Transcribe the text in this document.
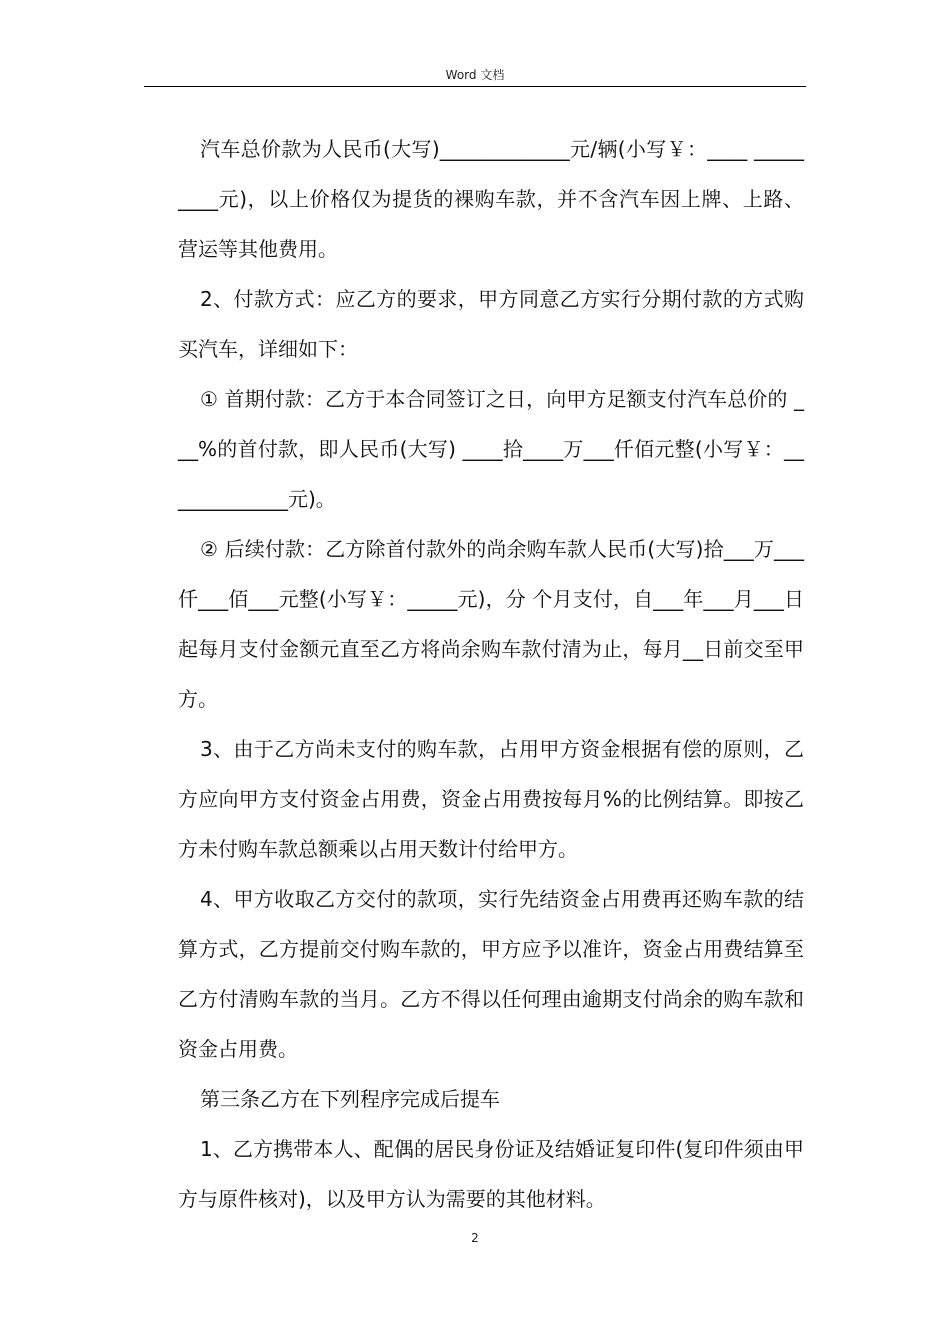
Word 文档

汽车总价款为人民币(大写)_____________元/辆(小写￥：____ _________元)，以上价格仅为提货的裸购车款，并不含汽车因上牌、上路、营运等其他费用。

2、付款方式：应乙方的要求，甲方同意乙方实行分期付款的方式购买汽车，详细如下：

① 首期付款：乙方于本合同签订之日，向甲方足额支付汽车总价的 ___%的首付款，即人民币(大写) ____拾____万___仟佰元整(小写￥：_____________元)。

② 后续付款：乙方除首付款外的尚余购车款人民币(大写)拾___万___仟___佰___元整(小写￥：_____元)，分 个月支付，自___年___月___日起每月支付金额元直至乙方将尚余购车款付清为止，每月__日前交至甲方。

3、由于乙方尚未支付的购车款，占用甲方资金根据有偿的原则，乙方应向甲方支付资金占用费，资金占用费按每月%的比例结算。即按乙方未付购车款总额乘以占用天数计付给甲方。

4、甲方收取乙方交付的款项，实行先结资金占用费再还购车款的结算方式，乙方提前交付购车款的，甲方应予以准许，资金占用费结算至乙方付清购车款的当月。乙方不得以任何理由逾期支付尚余的购车款和资金占用费。

第三条乙方在下列程序完成后提车

1、乙方携带本人、配偶的居民身份证及结婚证复印件(复印件须由甲方与原件核对)，以及甲方认为需要的其他材料。

2
